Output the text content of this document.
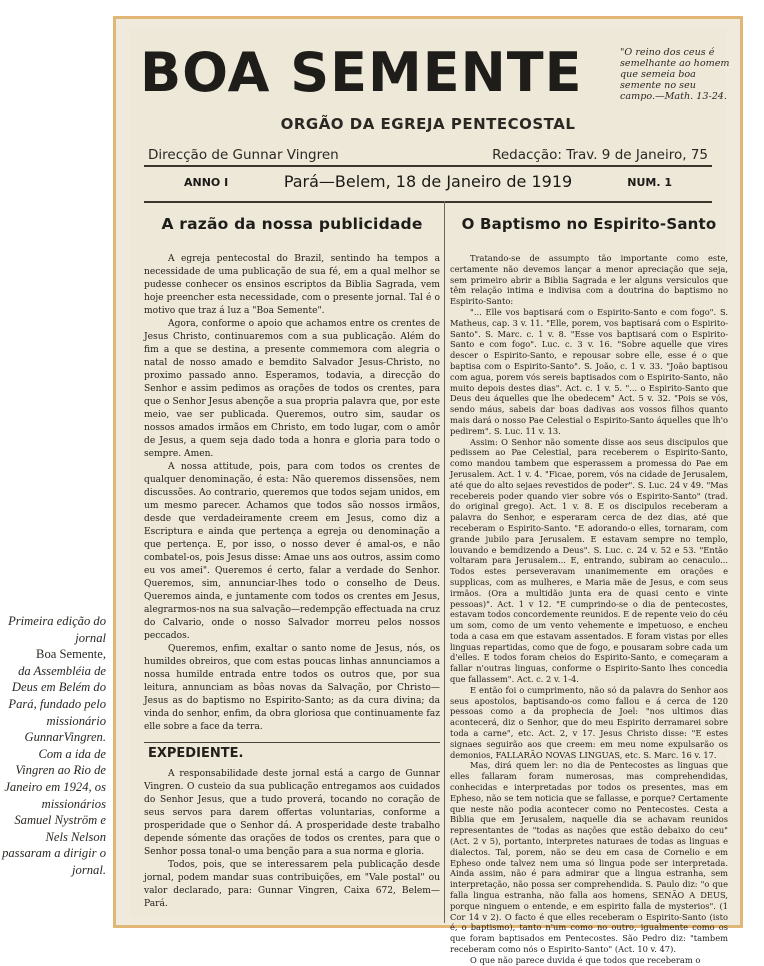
Primeira edição do jornal
Boa Semente,
da Assembléia de Deus em Belém do Pará, fundado pelo missionário GunnarVingren. Com a ida de Vingren ao Rio de Janeiro em 1924, os missionários Samuel Nyström e Nels Nelson passaram a dirigir o jornal.
BOA SEMENTE	"O reino dos ceus é semelhante ao homem que semeia boa semente no seu campo.—Math. 13-24.
ORGÃO DA EGREJA PENTECOSTAL
Direcção de Gunnar Vingren	Redacção: Trav. 9 de Janeiro, 75
ANNO I	Pará—Belem, 18 de Janeiro de 1919	NUM. 1
A razão da nossa publicidade

A egreja pentecostal do Brazil, sentindo ha tempos a necessidade de uma publicação de sua fé, em a qual melhor se pudesse conhecer os ensinos escriptos da Biblia Sagrada, vem hoje preencher esta necessidade, com o presente jornal. Tal é o motivo que traz á luz a "Boa Semente".

Agora, conforme o apoio que achamos entre os crentes de Jesus Christo, continuaremos com a sua publicação. Além do fim a que se destina, a presente commemora com alegria o natal de nosso amado e bemdito Salvador Jesus-Christo, no proximo passado anno. Esperamos, todavia, a direcção do Senhor e assim pedimos as orações de todos os crentes, para que o Senhor Jesus abençõe a sua propria palavra que, por este meio, vae ser publicada. Queremos, outro sim, saudar os nossos amados irmãos em Christo, em todo lugar, com o amôr de Jesus, a quem seja dado toda a honra e gloria para todo o sempre. Amen.

A nossa attitude, pois, para com todos os crentes de qualquer denominação, é esta: Não queremos dissensões, nem discussões. Ao contrario, queremos que todos sejam unidos, em um mesmo parecer. Achamos que todos são nossos irmãos, desde que verdadeiramente creem em Jesus, como diz a Escriptura e ainda que pertença a egreja ou denominação a que pertença. E, por isso, o nosso dever é amal-os, e não combatel-os, pois Jesus disse: Amae uns aos outros, assim como eu vos amei". Queremos é certo, falar a verdade do Senhor. Queremos, sim, annunciar-lhes todo o conselho de Deus. Queremos ainda, e juntamente com todos os crentes em Jesus, alegrarmos-nos na sua salvação—redempção effectuada na cruz do Calvario, onde o nosso Salvador morreu pelos nossos peccados.

Queremos, enfim, exaltar o santo nome de Jesus, nós, os humildes obreiros, que com estas poucas linhas annunciamos a nossa humilde entrada entre todos os outros que, por sua leitura, annunciam as bôas novas da Salvação, por Christo—Jesus as do baptismo no Espirito-Santo; as da cura divina; da vinda do senhor, enfim, da obra gloriosa que continuamente faz elle sobre a face da terra.

EXPEDIENTE.

A responsabilidade deste jornal está a cargo de Gunnar Vingren. O custeio da sua publicação entregamos aos cuidados do Senhor Jesus, que a tudo proverá, tocando no coração de seus servos para darem offertas voluntarias, conforme a prosperidade que o Senhor dá. A prosperidade deste trabalho depende sómente das orações de todos os crentes, para que o Senhor possa tonal-o uma benção para a sua norma e gloria.

Todos, pois, que se interessarem pela publicação desde jornal, podem mandar suas contribuições, em "Vale postal" ou valor declarado, para: Gunnar Vingren, Caixa 672, Belem—Pará.

O Baptismo no Espirito-Santo

Tratando-se de assumpto tão importante como este, certamente não devemos lançar a menor apreciação que seja, sem primeiro abrir a Biblia Sagrada e ler alguns versiculos que têm relação intima e indivisa com a doutrina do baptismo no Espirito-Santo:

"... Elle vos baptisará com o Espirito-Santo e com fogo". S. Matheus, cap. 3 v. 11. "Elle, porem, vos baptisará com o Espirito-Santo". S. Marc. c. 1 v. 8. "Esse vos baptisará com o Espirito-Santo e com fogo". Luc. c. 3 v. 16. "Sobre aquelle que vires descer o Espirito-Santo, e repousar sobre elle, esse é o que baptisa com o Espirito-Santo". S. João, c. 1 v. 33. "João baptisou com agua, porem vós sereis baptisados com o Espirito-Santo, não muito depois destes dias". Act. c. 1 v. 5. "... o Espirito-Santo que Deus deu áquelles que lhe obedecem" Act. 5 v. 32. "Pois se vós, sendo máus, sabeis dar boas dadivas aos vossos filhos quanto mais dará o nosso Pae Celestial o Espirito-Santo áquelles que lh'o pedirem". S. Luc. 11 v. 13.

Assim: O Senhor não somente disse aos seus discipulos que pedissem ao Pae Celestial, para receberem o Espirito-Santo, como mandou tambem que esperassem a promessa do Pae em Jerusalem. Act. 1 v. 4. "Ficae, porem, vós na cidade de Jerusalem, até que do alto sejaes revestidos de poder". S. Luc. 24 v 49. "Mas recebereis poder quando vier sobre vós o Espirito-Santo" (trad. do original grego). Act. 1 v. 8. E os discipulos receberam a palavra do Senhor, e esperaram cerca de dez dias, até que receberam o Espirito-Santo. "E adorando-o elles, tornaram, com grande jubilo para Jerusalem. E estavam sempre no templo, louvando e bemdizendo a Deus". S. Luc. c. 24 v. 52 e 53. "Então voltaram para Jerusalem... E, entrando, subiram ao cenaculo... Todos estes perseveravam unanimemente em orações e supplicas, com as mulheres, e Maria mãe de Jesus, e com seus irmãos. (Ora a multidão junta era de quasi cento e vinte pessoas)". Act. 1 v 12. "E cumprindo-se o dia de pentecostes, estavam todos concordemente reunidos. E de repente veio do céu um som, como de um vento vehemente e impetuoso, e encheu toda a casa em que estavam assentados. E foram vistas por elles linguas repartidas, como que de fogo, e pousaram sobre cada um d'elles. E todos foram cheios do Espirito-Santo, e começaram a fallar n'outras linguas, conforme o Espirito-Santo lhes concedia que fallassem". Act. c. 2 v. 1-4.

E então foi o cumprimento, não só da palavra do Senhor aos seus apostolos, baptisando-os como fallou e á cerca de 120 pessoas como a da prophecia de Joel: "nos ultimos dias acontecerá, diz o Senhor, que do meu Espirito derramarei sobre toda a carne", etc. Act. 2, v 17. Jesus Christo disse: "E estes signaes seguirão aos que creem: em meu nome expulsarão os demonios, FALLARÃO NOVAS LINGUAS, etc. S. Marc. 16 v. 17.

Mas, dirá quem ler: no dia de Pentecostes as linguas que elles fallaram foram numerosas, mas comprehendidas, conhecidas e interpretadas por todos os presentes, mas em Epheso, não se tem noticia que se fallasse, e porque? Certamente que neste não podia acontecer como no Pentecostes. Cesta a Biblia que em Jerusalem, naquelle dia se achavam reunidos representantes de "todas as nações que estão debaixo do ceu" (Act. 2 v 5), portanto, interpretes naturaes de todas as linguas e dialectos. Tal, porem, não se deu em casa de Cornelio e em Epheso onde talvez nem uma só lingua pode ser interpretada. Ainda assim, não é para admirar que a lingua estranha, sem interpretação, não possa ser comprehendida. S. Paulo diz: "o que falla lingua estranha, não falla aos homens, SENÃO A DEUS, porque ninguem o entende, e em espirito falla de mysterios". (1 Cor 14 v 2). O facto é que elles receberam o Espirito-Santo (isto é, o baptismo), tanto n'um como no outro, igualmente como os que foram baptisados em Pentecostes. São Pedro diz: "tambem receberam como nós o Espirito-Santo" (Act. 10 v. 47).

O que não parece duvida é que todos que receberam o
